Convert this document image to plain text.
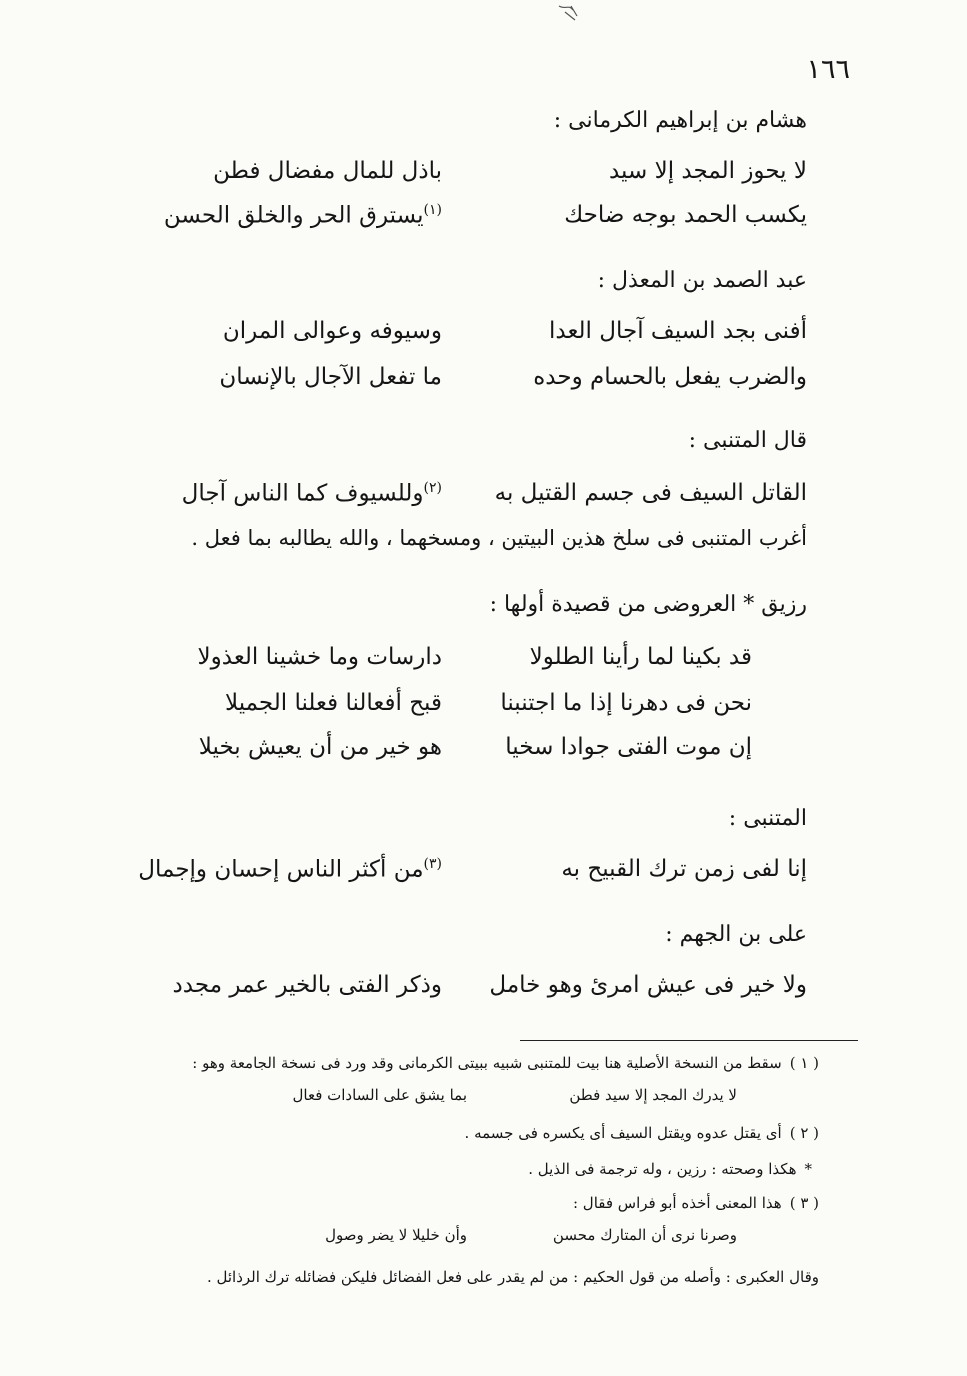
١٦٦
هشام بن إبراهيم الكرمانى :
لا يحوز المجد إلا سيد
باذل للمال مفضال فطن
يكسب الحمد بوجه ضاحك
$^{(١)}$يسترق الحر والخلق الحسن
عبد الصمد بن المعذل :
أفنى بجد السيف آجال العدا
وسيوفه وعوالى المران
والضرب يفعل بالحسام وحده
ما تفعل الآجال بالإنسان
قال المتنبى :
القاتل السيف فى جسم القتيل به
$^{(٢)}$وللسيوف كما الناس آجال
أغرب المتنبى فى سلخ هذين البيتين ، ومسخهما ، والله يطالبه بما فعل .
رزيق * العروضى من قصيدة أولها :
قد بكينا لما رأينا الطلولا
دارسات وما خشينا العذولا
نحن فى دهرنا إذا ما اجتنبنا
قبح أفعالنا فعلنا الجميلا
إن موت الفتى جوادا سخيا
هو خير من أن يعيش بخيلا
المتنبى :
إنا لفى زمن ترك القبيح به
$^{(٣)}$من أكثر الناس إحسان وإجمال
على بن الجهم :
ولا خير فى عيش امرئ وهو خامل
وذكر الفتى بالخير عمر مجدد
( ١ )سقط من النسخة الأصلية هنا بيت للمتنبى شبيه ببيتى الكرمانى وقد ورد فى نسخة الجامعة وهو :
لا يدرك المجد إلا سيد فطن
بما يشق على السادات فعال
( ٢ )أى يقتل عدوه ويقتل السيف أى يكسره فى جسمه .
*هكذا وصحته : رزين ، وله ترجمة فى الذيل .
( ٣ )هذا المعنى أخذه أبو فراس فقال :
وصرنا نرى أن المتارك محسن
وأن خليلا لا يضر وصول
وقال العكبرى : وأصله من قول الحكيم : من لم يقدر على فعل الفضائل فليكن فضائله ترك الرذائل .
